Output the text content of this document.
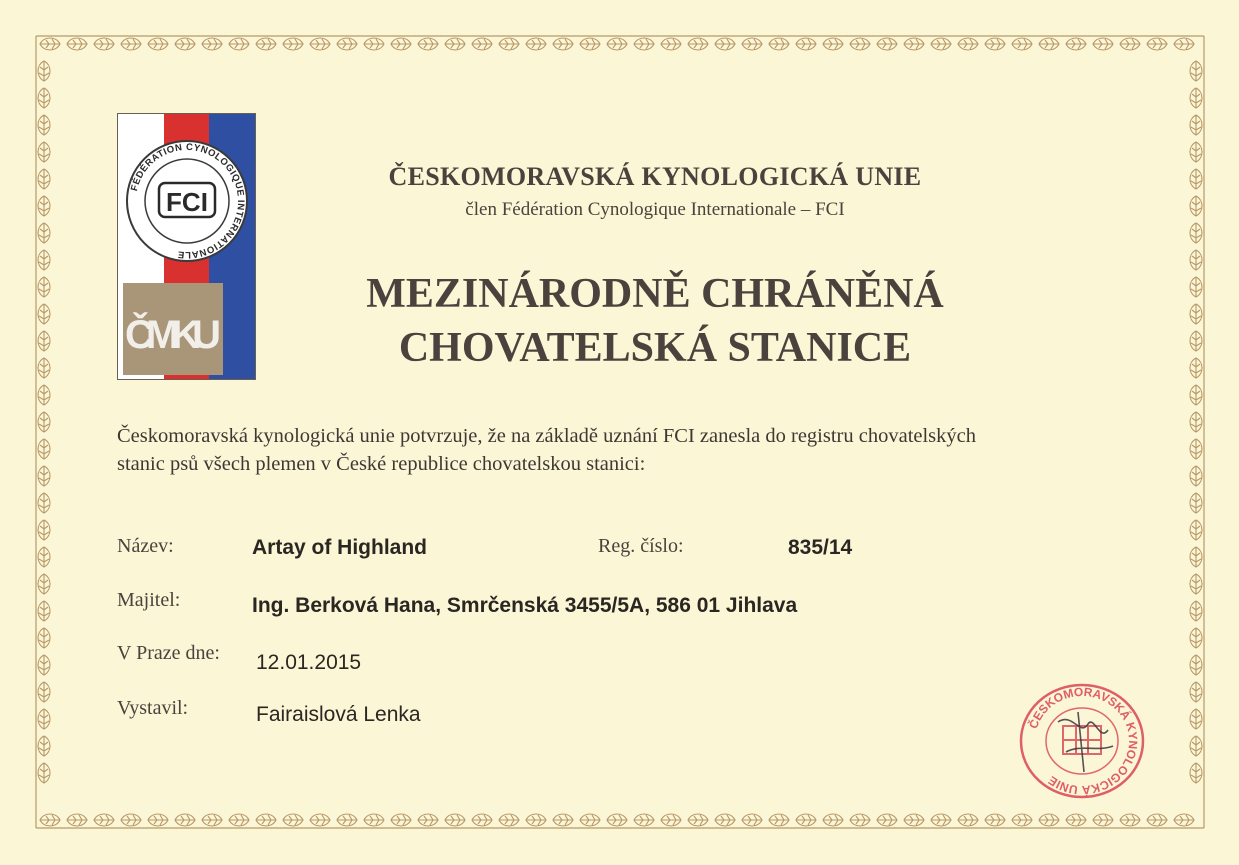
FÉDÉRATION CYNOLOGIQUE INTERNATIONALE
FCI
ČMKU
ČESKOMORAVSKÁ KYNOLOGICKÁ UNIE
člen Fédération Cynologique Internationale – FCI
MEZINÁRODNĚ CHRÁNĚNÁ
CHOVATELSKÁ STANICE
Českomoravská kynologická unie potvrzuje, že na základě uznání FCI zanesla do registru chovatelských
stanic psů všech plemen v České republice chovatelskou stanici:
Název:	Artay of Highland	Reg. číslo:	835/14
Majitel:	Ing. Berková Hana, Smrčenská 3455/5A, 586 01 Jihlava
V Praze dne: 12.01.2015
Vystavil:	Fairaislová Lenka	ČESKOMORAVSKÁ KYNOLOGICKÁ UNIE
